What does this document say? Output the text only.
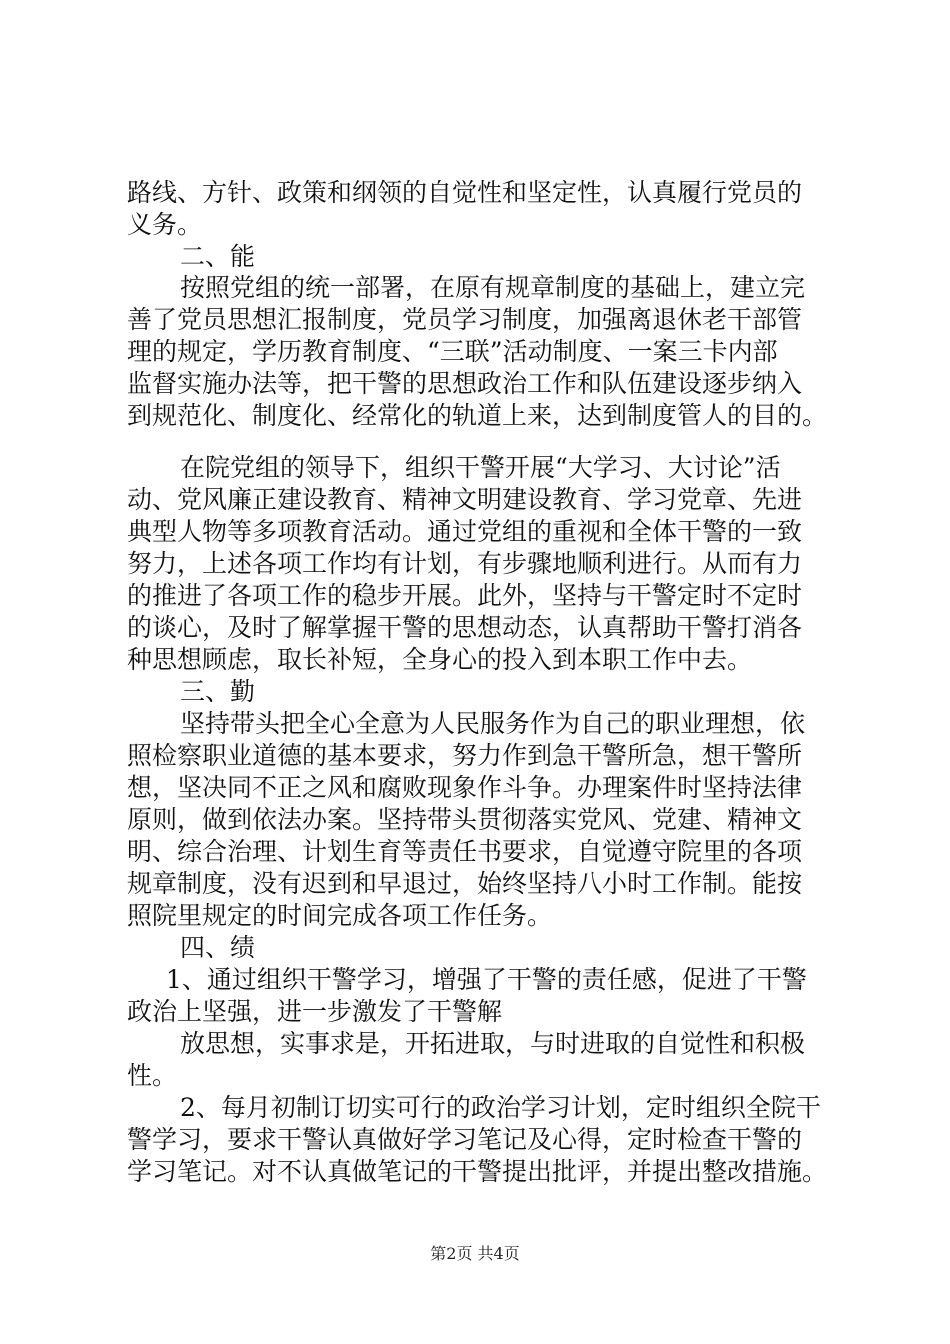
路线、方针、政策和纲领的自觉性和坚定性，认真履行党员的
义务。
二、能
按照党组的统一部署，在原有规章制度的基础上，建立完
善了党员思想汇报制度，党员学习制度，加强离退休老干部管
理的规定，学历教育制度、“三联”活动制度、一案三卡内部
监督实施办法等，把干警的思想政治工作和队伍建设逐步纳入
到规范化、制度化、经常化的轨道上来，达到制度管人的目的。
在院党组的领导下，组织干警开展“大学习、大讨论”活
动、党风廉正建设教育、精神文明建设教育、学习党章、先进
典型人物等多项教育活动。通过党组的重视和全体干警的一致
努力，上述各项工作均有计划，有步骤地顺利进行。从而有力
的推进了各项工作的稳步开展。此外，坚持与干警定时不定时
的谈心，及时了解掌握干警的思想动态，认真帮助干警打消各
种思想顾虑，取长补短，全身心的投入到本职工作中去。
三、勤
坚持带头把全心全意为人民服务作为自己的职业理想，依
照检察职业道德的基本要求，努力作到急干警所急，想干警所
想，坚决同不正之风和腐败现象作斗争。办理案件时坚持法律
原则，做到依法办案。坚持带头贯彻落实党风、党建、精神文
明、综合治理、计划生育等责任书要求，自觉遵守院里的各项
规章制度，没有迟到和早退过，始终坚持八小时工作制。能按
照院里规定的时间完成各项工作任务。
四、绩
1、通过组织干警学习，增强了干警的责任感，促进了干警
政治上坚强，进一步激发了干警解
放思想，实事求是，开拓进取，与时进取的自觉性和积极
性。
2、每月初制订切实可行的政治学习计划，定时组织全院干
警学习，要求干警认真做好学习笔记及心得，定时检查干警的
学习笔记。对不认真做笔记的干警提出批评，并提出整改措施。
第2页 共4页
